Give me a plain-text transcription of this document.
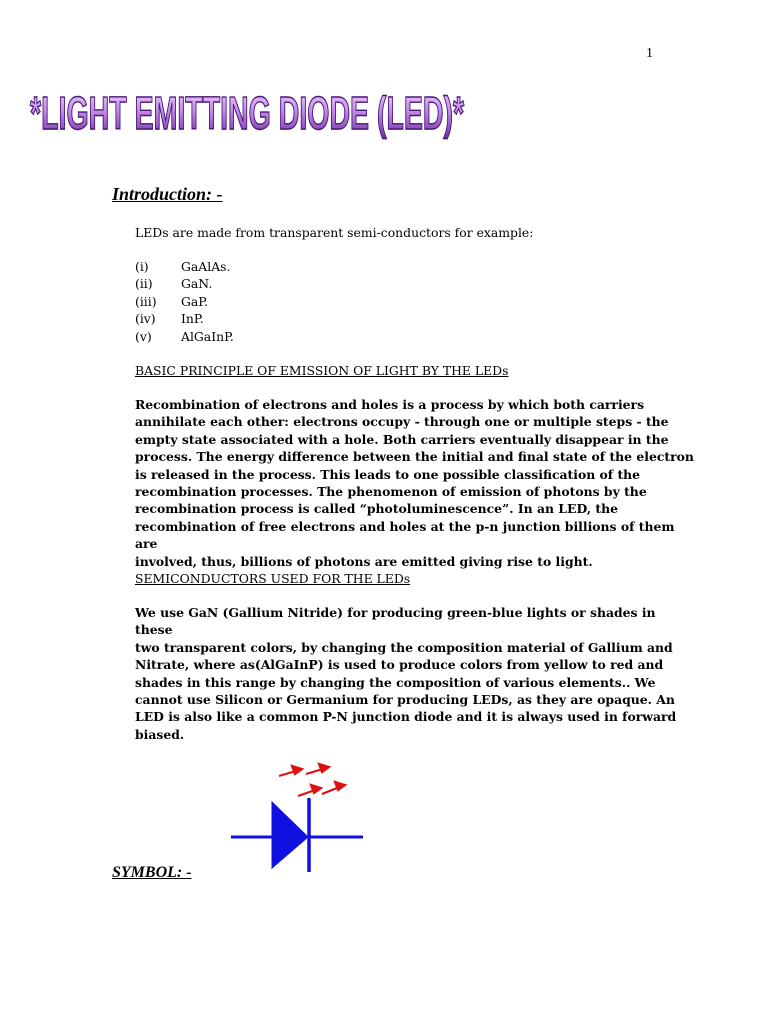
1
*LIGHT EMITTING DIODE (LED)*
Introduction: -
LEDs are made from transparent semi-conductors for example:
(i)	GaAlAs.
(ii)	GaN.
(iii)	GaP.
(iv)	InP.
(v)	AlGaInP.
BASIC PRINCIPLE OF EMISSION OF LIGHT BY THE LEDs
Recombination of electrons and holes is a process by which both carriers
annihilate each other: electrons occupy - through one or multiple steps - the
empty state associated with a hole. Both carriers eventually disappear in the
process. The energy difference between the initial and final state of the electron
is released in the process. This leads to one possible classification of the
recombination processes. The phenomenon of emission of photons by the
recombination process is called “photoluminescence”. In an LED, the
recombination of free electrons and holes at the p-n junction billions of them are
involved, thus, billions of photons are emitted giving rise to light.
SEMICONDUCTORS USED FOR THE LEDs
We use GaN (Gallium Nitride) for producing green-blue lights or shades in these
two transparent colors, by changing the composition material of Gallium and
Nitrate, where as(AlGaInP) is used to produce colors from yellow to red and
shades in this range by changing the composition of various elements.. We
cannot use Silicon or Germanium for producing LEDs, as they are opaque. An
LED is also like a common P-N junction diode and it is always used in forward
biased.
SYMBOL: -
